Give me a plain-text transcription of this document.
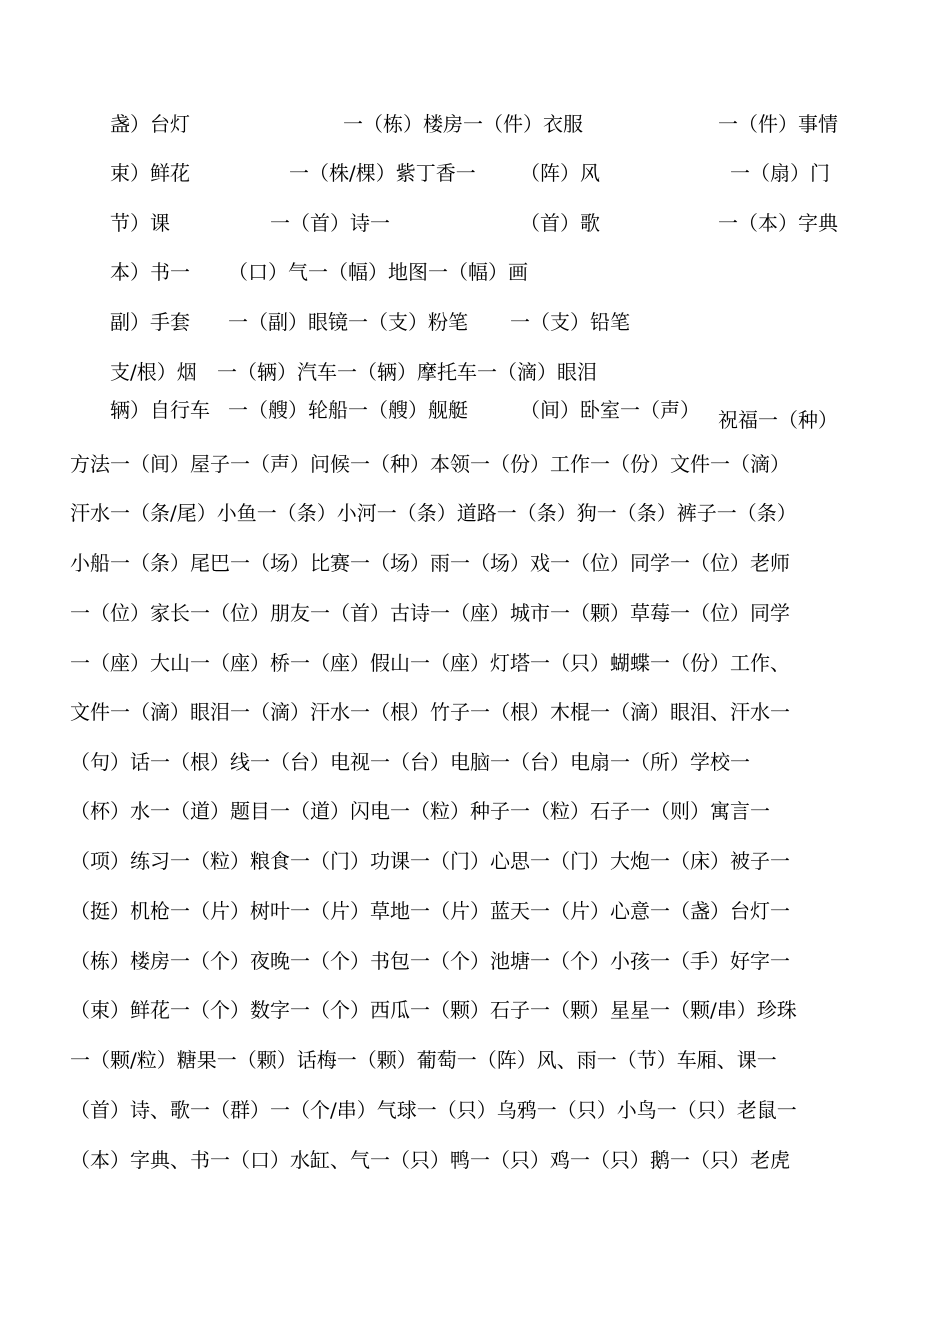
盏）台灯	一（栋）楼房一（件）衣服	一（件）事情
束）鲜花	一（株/棵）紫丁香一 （阵）风	一（扇）门
节）课	一（首）诗一	（首）歌	一（本）字典
本）书一 （口）气一（幅）地图一（幅）画
副）手套 一（副）眼镜一（支）粉笔 一（支）铅笔
支/根）烟 一（辆）汽车一（辆）摩托车一（滴）眼泪
辆）自行车 一（艘）轮船一（艘）舰艇	（间）卧室一（声） 祝福一（种）
方法一（间）屋子一（声）问候一（种）本领一（份）工作一（份）文件一（滴）
汗水一（条/尾）小鱼一（条）小河一（条）道路一（条）狗一（条）裤子一（条）
小船一（条）尾巴一（场）比赛一（场）雨一（场）戏一（位）同学一（位）老师
一（位）家长一（位）朋友一（首）古诗一（座）城市一（颗）草莓一（位）同学
一（座）大山一（座）桥一（座）假山一（座）灯塔一（只）蝴蝶一（份）工作、
文件一（滴）眼泪一（滴）汗水一（根）竹子一（根）木棍一（滴）眼泪、汗水一
（句）话一（根）线一（台）电视一（台）电脑一（台）电扇一（所）学校一
（杯）水一（道）题目一（道）闪电一（粒）种子一（粒）石子一（则）寓言一
（项）练习一（粒）粮食一（门）功课一（门）心思一（门）大炮一（床）被子一
（挺）机枪一（片）树叶一（片）草地一（片）蓝天一（片）心意一（盏）台灯一
（栋）楼房一（个）夜晚一（个）书包一（个）池塘一（个）小孩一（手）好字一
（束）鲜花一（个）数字一（个）西瓜一（颗）石子一（颗）星星一（颗/串）珍珠
一（颗/粒）糖果一（颗）话梅一（颗）葡萄一（阵）风、雨一（节）车厢、课一
（首）诗、歌一（群）一（个/串）气球一（只）乌鸦一（只）小鸟一（只）老鼠一
（本）字典、书一（口）水缸、气一（只）鸭一（只）鸡一（只）鹅一（只）老虎
